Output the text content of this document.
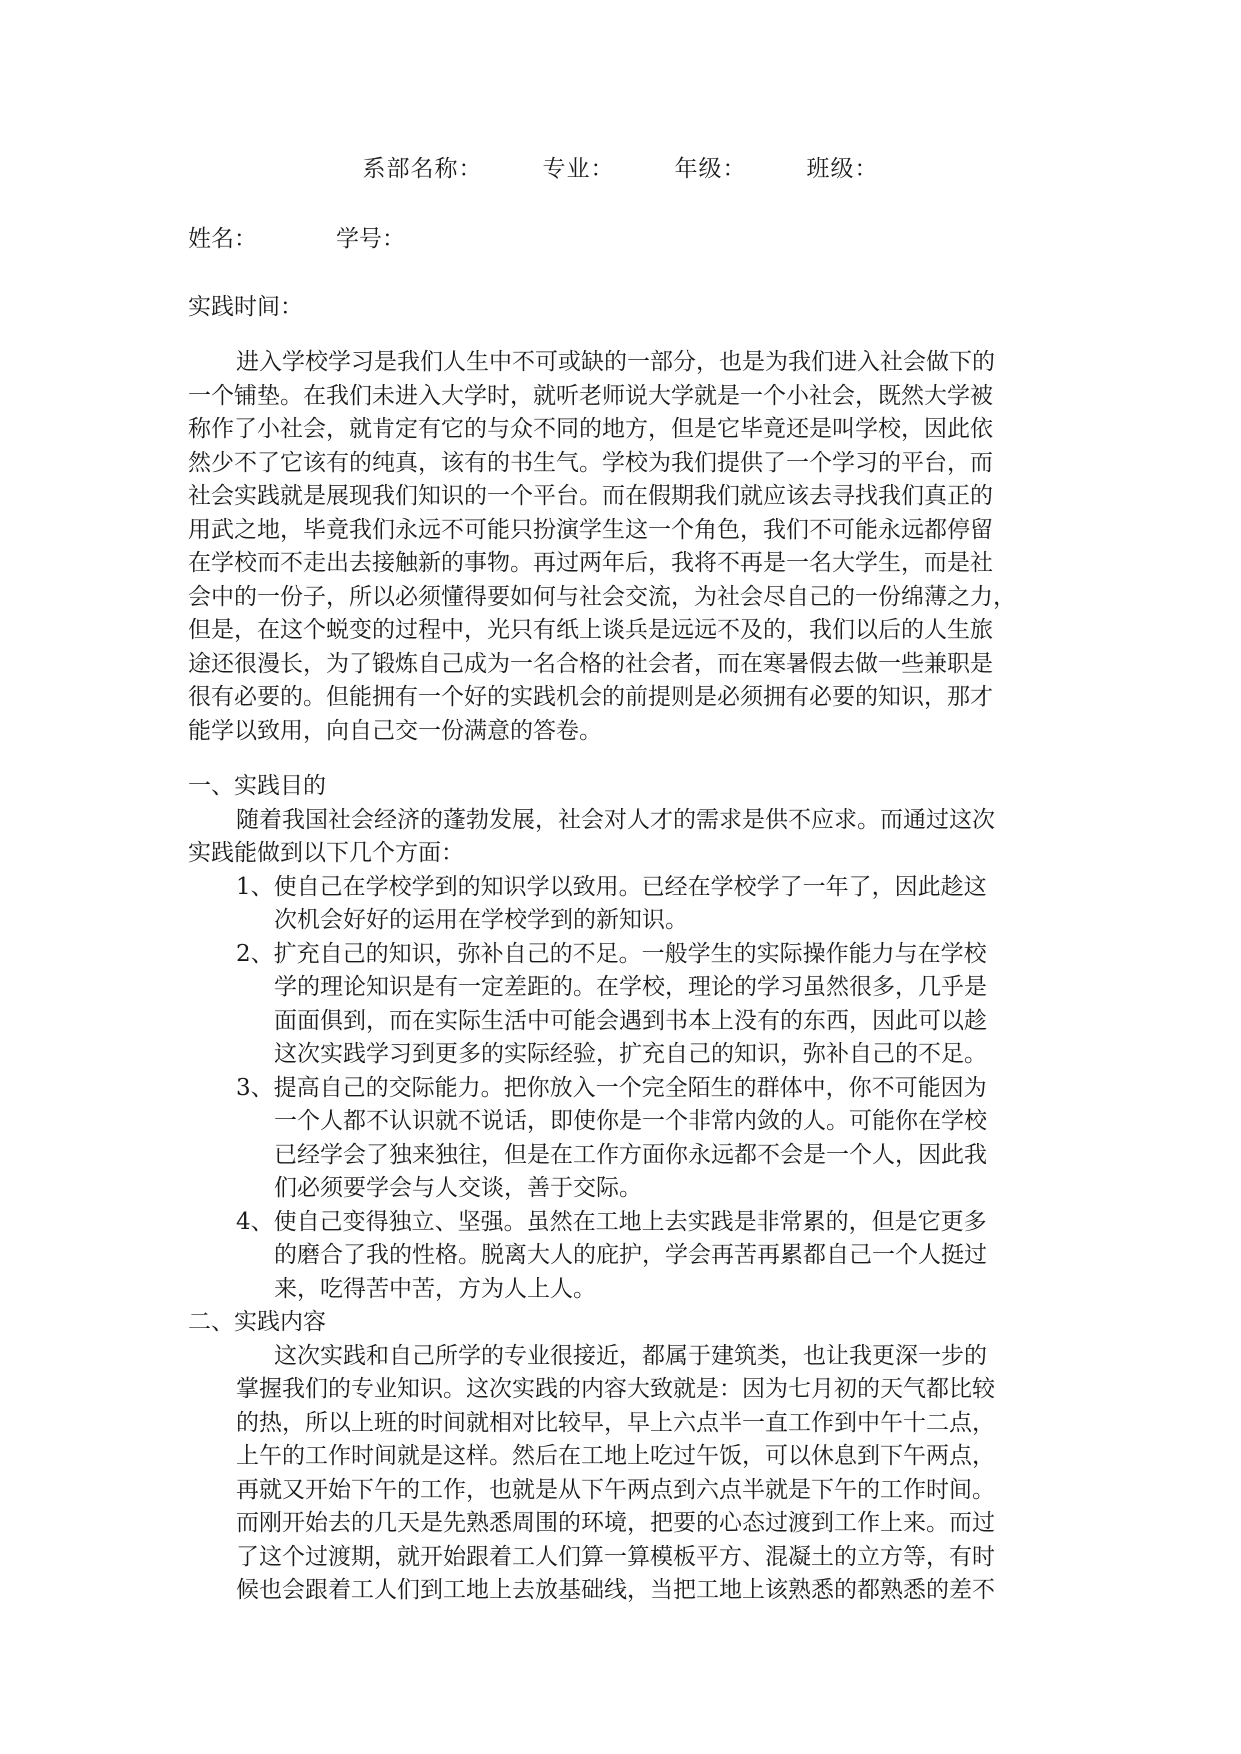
系部名称：	专业：	年级：	班级：
姓名：	学号：
实践时间：
进入学校学习是我们人生中不可或缺的一部分，也是为我们进入社会做下的
一个铺垫。在我们未进入大学时，就听老师说大学就是一个小社会，既然大学被
称作了小社会，就肯定有它的与众不同的地方，但是它毕竟还是叫学校，因此依
然少不了它该有的纯真，该有的书生气。学校为我们提供了一个学习的平台，而
社会实践就是展现我们知识的一个平台。而在假期我们就应该去寻找我们真正的
用武之地，毕竟我们永远不可能只扮演学生这一个角色，我们不可能永远都停留
在学校而不走出去接触新的事物。再过两年后，我将不再是一名大学生，而是社
会中的一份子，所以必须懂得要如何与社会交流，为社会尽自己的一份绵薄之力，
但是，在这个蜕变的过程中，光只有纸上谈兵是远远不及的，我们以后的人生旅
途还很漫长，为了锻炼自己成为一名合格的社会者，而在寒暑假去做一些兼职是
很有必要的。但能拥有一个好的实践机会的前提则是必须拥有必要的知识，那才
能学以致用，向自己交一份满意的答卷。
一、实践目的
随着我国社会经济的蓬勃发展，社会对人才的需求是供不应求。而通过这次
实践能做到以下几个方面：
1、使自己在学校学到的知识学以致用。已经在学校学了一年了，因此趁这
次机会好好的运用在学校学到的新知识。
2、扩充自己的知识，弥补自己的不足。一般学生的实际操作能力与在学校
学的理论知识是有一定差距的。在学校，理论的学习虽然很多，几乎是
面面俱到，而在实际生活中可能会遇到书本上没有的东西，因此可以趁
这次实践学习到更多的实际经验，扩充自己的知识，弥补自己的不足。
3、提高自己的交际能力。把你放入一个完全陌生的群体中，你不可能因为
一个人都不认识就不说话，即使你是一个非常内敛的人。可能你在学校
已经学会了独来独往，但是在工作方面你永远都不会是一个人，因此我
们必须要学会与人交谈，善于交际。
4、使自己变得独立、坚强。虽然在工地上去实践是非常累的，但是它更多
的磨合了我的性格。脱离大人的庇护，学会再苦再累都自己一个人挺过
来，吃得苦中苦，方为人上人。
二、实践内容
这次实践和自己所学的专业很接近，都属于建筑类，也让我更深一步的
掌握我们的专业知识。这次实践的内容大致就是：因为七月初的天气都比较
的热，所以上班的时间就相对比较早，早上六点半一直工作到中午十二点，
上午的工作时间就是这样。然后在工地上吃过午饭，可以休息到下午两点，
再就又开始下午的工作，也就是从下午两点到六点半就是下午的工作时间。
而刚开始去的几天是先熟悉周围的环境，把要的心态过渡到工作上来。而过
了这个过渡期，就开始跟着工人们算一算模板平方、混凝土的立方等，有时
候也会跟着工人们到工地上去放基础线，当把工地上该熟悉的都熟悉的差不
